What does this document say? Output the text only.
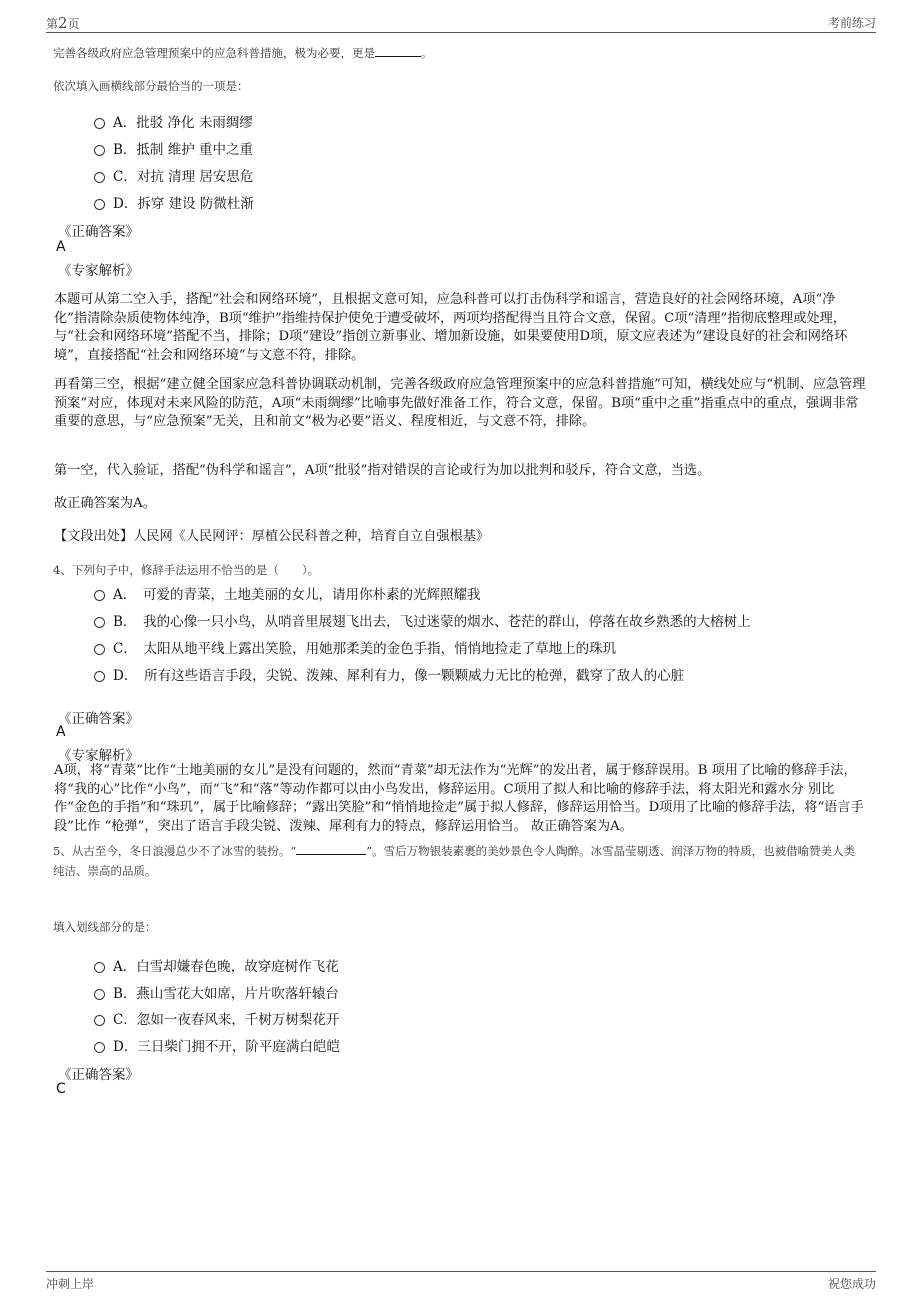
第2页	考前练习
完善各级政府应急管理预案中的应急科普措施，极为必要，更是	。
依次填入画横线部分最恰当的一项是：
A．批驳 净化 未雨绸缪
B．抵制 维护 重中之重
C．对抗 清理 居安思危
D．拆穿 建设 防微杜渐
《正确答案》
A
《专家解析》
本题可从第二空入手，搭配“社会和网络环境”，且根据文意可知，应急科普可以打击伪科学和谣言，营造良好的社会网络环境，A项“净化”指清除杂质使物体纯净，B项“维护”指维持保护使免于遭受破坏，两项均搭配得当且符合文意，保留。C项“清理”指彻底整理或处理，与“社会和网络环境”搭配不当，排除；D项“建设”指创立新事业、增加新设施，如果要使用D项，原文应表述为“建设良好的社会和网络环境”，直接搭配“社会和网络环境”与文意不符，排除。
再看第三空，根据“建立健全国家应急科普协调联动机制，完善各级政府应急管理预案中的应急科普措施”可知，横线处应与“机制、应急管理预案”对应，体现对未来风险的防范，A项“未雨绸缪”比喻事先做好准备工作，符合文意，保留。B项“重中之重”指重点中的重点，强调非常重要的意思，与“应急预案”无关，且和前文“极为必要”语义、程度相近，与文意不符，排除。
第一空，代入验证，搭配“伪科学和谣言”，A项“批驳”指对错误的言论或行为加以批判和驳斥，符合文意，当选。
故正确答案为A。
【文段出处】人民网《人民网评：厚植公民科普之种，培育自立自强根基》
4、下列句子中，修辞手法运用不恰当的是（　　）。
A．　可爱的青菜，土地美丽的女儿，请用你朴素的光辉照耀我
B．　我的心像一只小鸟，从哨音里展翅飞出去，飞过迷蒙的烟水、苍茫的群山，停落在故乡熟悉的大榕树上
C．　太阳从地平线上露出笑脸，用她那柔美的金色手指，悄悄地捡走了草地上的珠玑
D．　所有这些语言手段，尖锐、泼辣、犀利有力，像一颗颗威力无比的枪弹，戳穿了敌人的心脏
《正确答案》
A
《专家解析》
A项，将“青菜”比作“土地美丽的女儿”是没有问题的，然而“青菜”却无法作为“光辉”的发出者，属于修辞误用。B 项用了比喻的修辞手法，将“我的心”比作“小鸟”，而“飞”和“落”等动作都可以由小鸟发出，修辞运用。C项用了拟人和比喻的修辞手法，将太阳光和露水分 别比作“金色的手指”和“珠玑”，属于比喻修辞；“露出笑脸”和“悄悄地捡走”属于拟人修辞，修辞运用恰当。D项用了比喻的修辞手法，将“语言手段”比作 “枪弹”，突出了语言手段尖锐、泼辣、犀利有力的特点，修辞运用恰当。 故正确答案为A。
5、从古至今，冬日浪漫总少不了冰雪的装扮。“	”。雪后万物银装素裹的美妙景色令人陶醉。冰雪晶莹剔透、润泽万物的特质，也被借喻赞美人类纯洁、崇高的品质。
填入划线部分的是：
A．白雪却嫌春色晚，故穿庭树作飞花
B．燕山雪花大如席，片片吹落轩辕台
C．忽如一夜春风来，千树万树梨花开
D．三日柴门拥不开，阶平庭满白皑皑
《正确答案》
C
冲刺上岸	祝您成功
